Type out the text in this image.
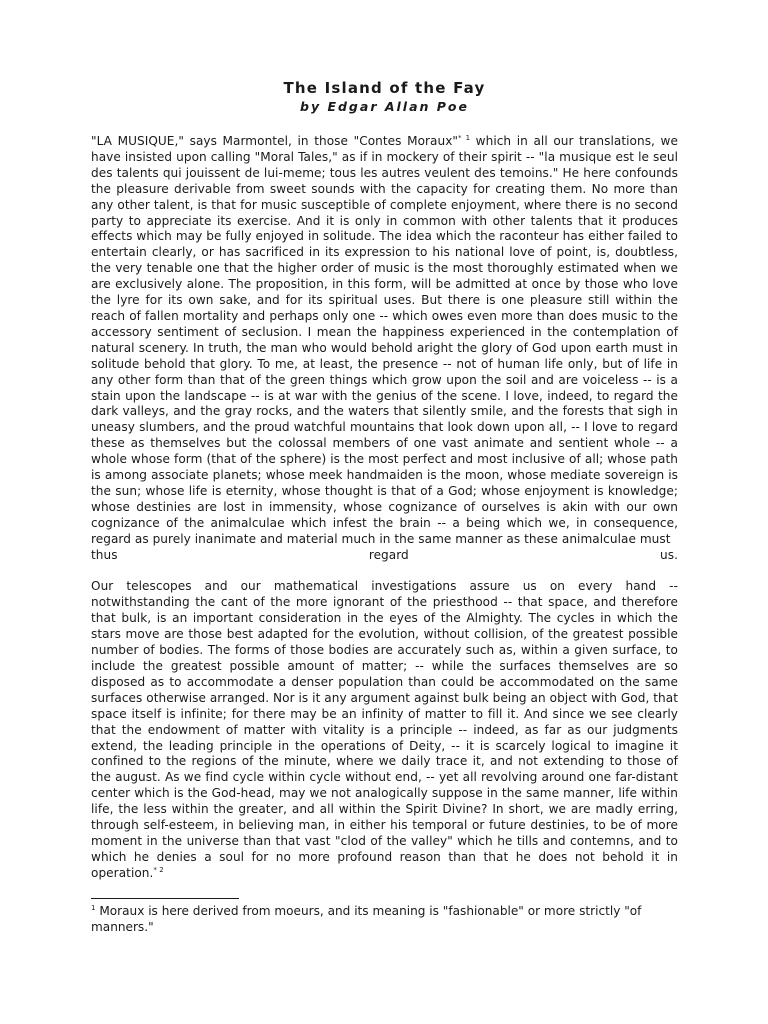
The Island of the Fay

by Edgar Allan Poe

"LA MUSIQUE," says Marmontel, in those "Contes Moraux"$^{* 1}$ which in all our translations, we have insisted upon calling "Moral Tales," as if in mockery of their spirit -- "la musique est le seul des talents qui jouissent de lui-meme; tous les autres veulent des temoins." He here confounds the pleasure derivable from sweet sounds with the capacity for creating them. No more than any other talent, is that for music susceptible of complete enjoyment, where there is no second party to appreciate its exercise. And it is only in common with other talents that it produces effects which may be fully enjoyed in solitude. The idea which the raconteur has either failed to entertain clearly, or has sacrificed in its expression to his national love of point, is, doubtless, the very tenable one that the higher order of music is the most thoroughly estimated when we are exclusively alone. The proposition, in this form, will be admitted at once by those who love the lyre for its own sake, and for its spiritual uses. But there is one pleasure still within the reach of fallen mortality and perhaps only one -- which owes even more than does music to the accessory sentiment of seclusion. I mean the happiness experienced in the contemplation of natural scenery. In truth, the man who would behold aright the glory of God upon earth must in solitude behold that glory. To me, at least, the presence -- not of human life only, but of life in any other form than that of the green things which grow upon the soil and are voiceless -- is a stain upon the landscape -- is at war with the genius of the scene. I love, indeed, to regard the dark valleys, and the gray rocks, and the waters that silently smile, and the forests that sigh in uneasy slumbers, and the proud watchful mountains that look down upon all, -- I love to regard these as themselves but the colossal members of one vast animate and sentient whole -- a whole whose form (that of the sphere) is the most perfect and most inclusive of all; whose path is among associate planets; whose meek handmaiden is the moon, whose mediate sovereign is the sun; whose life is eternity, whose thought is that of a God; whose enjoyment is knowledge; whose destinies are lost in immensity, whose cognizance of ourselves is akin with our own cognizance of the animalculae which infest the brain -- a being which we, in consequence, regard as purely inanimate and material much in the same manner as these animalculae must
thus	regard	us.
Our telescopes and our mathematical investigations assure us on every hand -- notwithstanding the cant of the more ignorant of the priesthood -- that space, and therefore that bulk, is an important consideration in the eyes of the Almighty. The cycles in which the stars move are those best adapted for the evolution, without collision, of the greatest possible number of bodies. The forms of those bodies are accurately such as, within a given surface, to include the greatest possible amount of matter; -- while the surfaces themselves are so disposed as to accommodate a denser population than could be accommodated on the same surfaces otherwise arranged. Nor is it any argument against bulk being an object with God, that space itself is infinite; for there may be an infinity of matter to fill it. And since we see clearly that the endowment of matter with vitality is a principle -- indeed, as far as our judgments extend, the leading principle in the operations of Deity, -- it is scarcely logical to imagine it confined to the regions of the minute, where we daily trace it, and not extending to those of the august. As we find cycle within cycle without end, -- yet all revolving around one far-distant center which is the God-head, may we not analogically suppose in the same manner, life within life, the less within the greater, and all within the Spirit Divine? In short, we are madly erring, through self-esteem, in believing man, in either his temporal or future destinies, to be of more moment in the universe than that vast "clod of the valley" which he tills and contemns, and to which he denies a soul for no more profound reason than that he does not behold it in operation.$^{* 2}$
$^1$ Moraux is here derived from moeurs, and its meaning is "fashionable" or more strictly "of manners."
